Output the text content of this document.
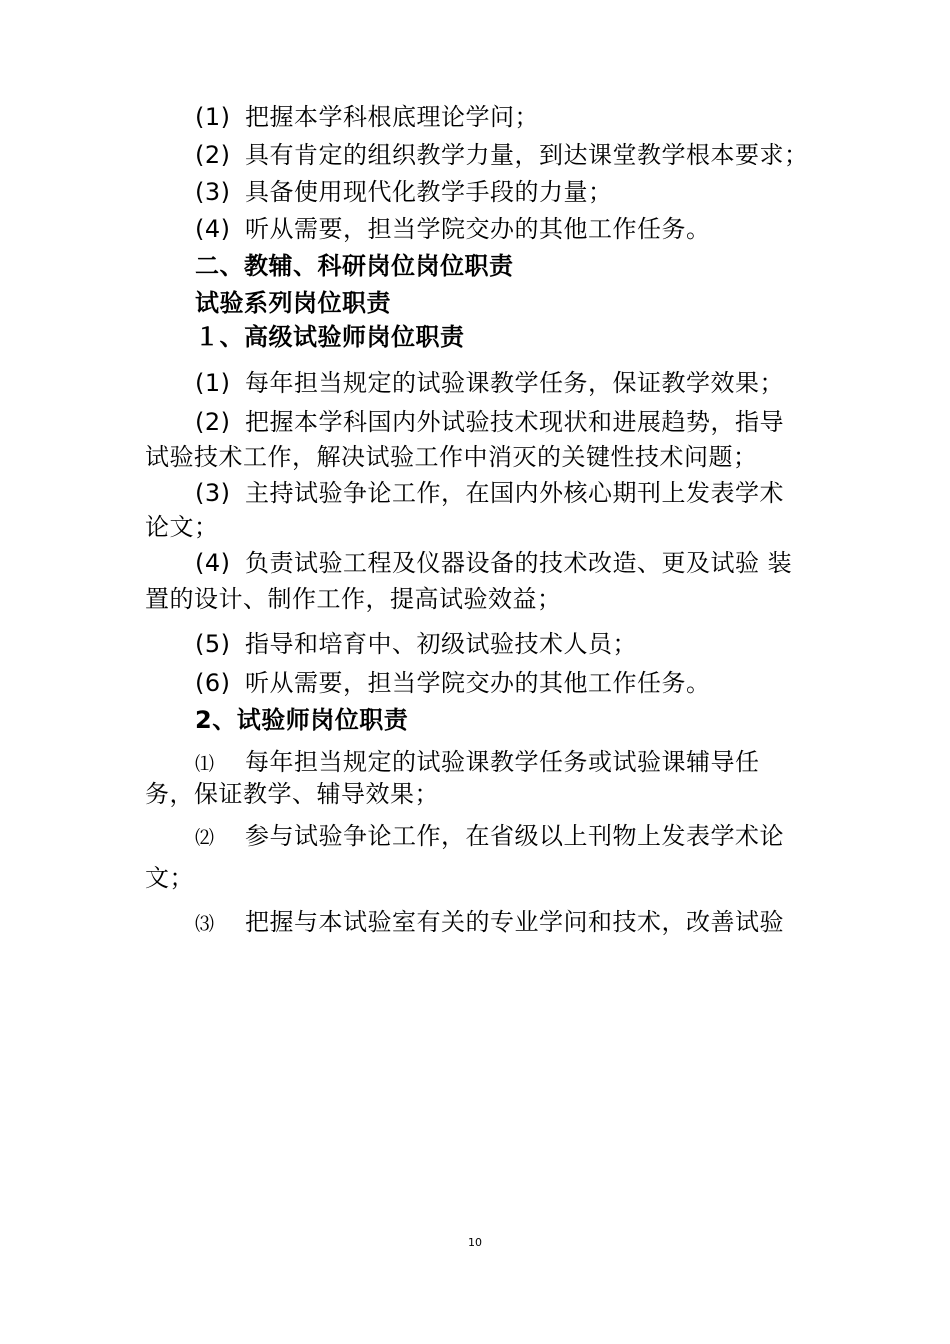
(1) 把握本学科根底理论学问；
(2) 具有肯定的组织教学力量，到达课堂教学根本要求；
(3) 具备使用现代化教学手段的力量；
(4) 听从需要，担当学院交办的其他工作任务。
二、教辅、科研岗位岗位职责
试验系列岗位职责
１、高级试验师岗位职责
(1) 每年担当规定的试验课教学任务，保证教学效果；
(2) 把握本学科国内外试验技术现状和进展趋势，指导
试验技术工作，解决试验工作中消灭的关键性技术问题；
(3) 主持试验争论工作，在国内外核心期刊上发表学术
论文；
(4) 负责试验工程及仪器设备的技术改造、更及试验 装
置的设计、制作工作，提高试验效益；
(5) 指导和培育中、初级试验技术人员；
(6) 听从需要，担当学院交办的其他工作任务。
2、试验师岗位职责
⑴ 每年担当规定的试验课教学任务或试验课辅导任
务，保证教学、辅导效果；
⑵ 参与试验争论工作，在省级以上刊物上发表学术论
文；
⑶ 把握与本试验室有关的专业学问和技术，改善试验
10
